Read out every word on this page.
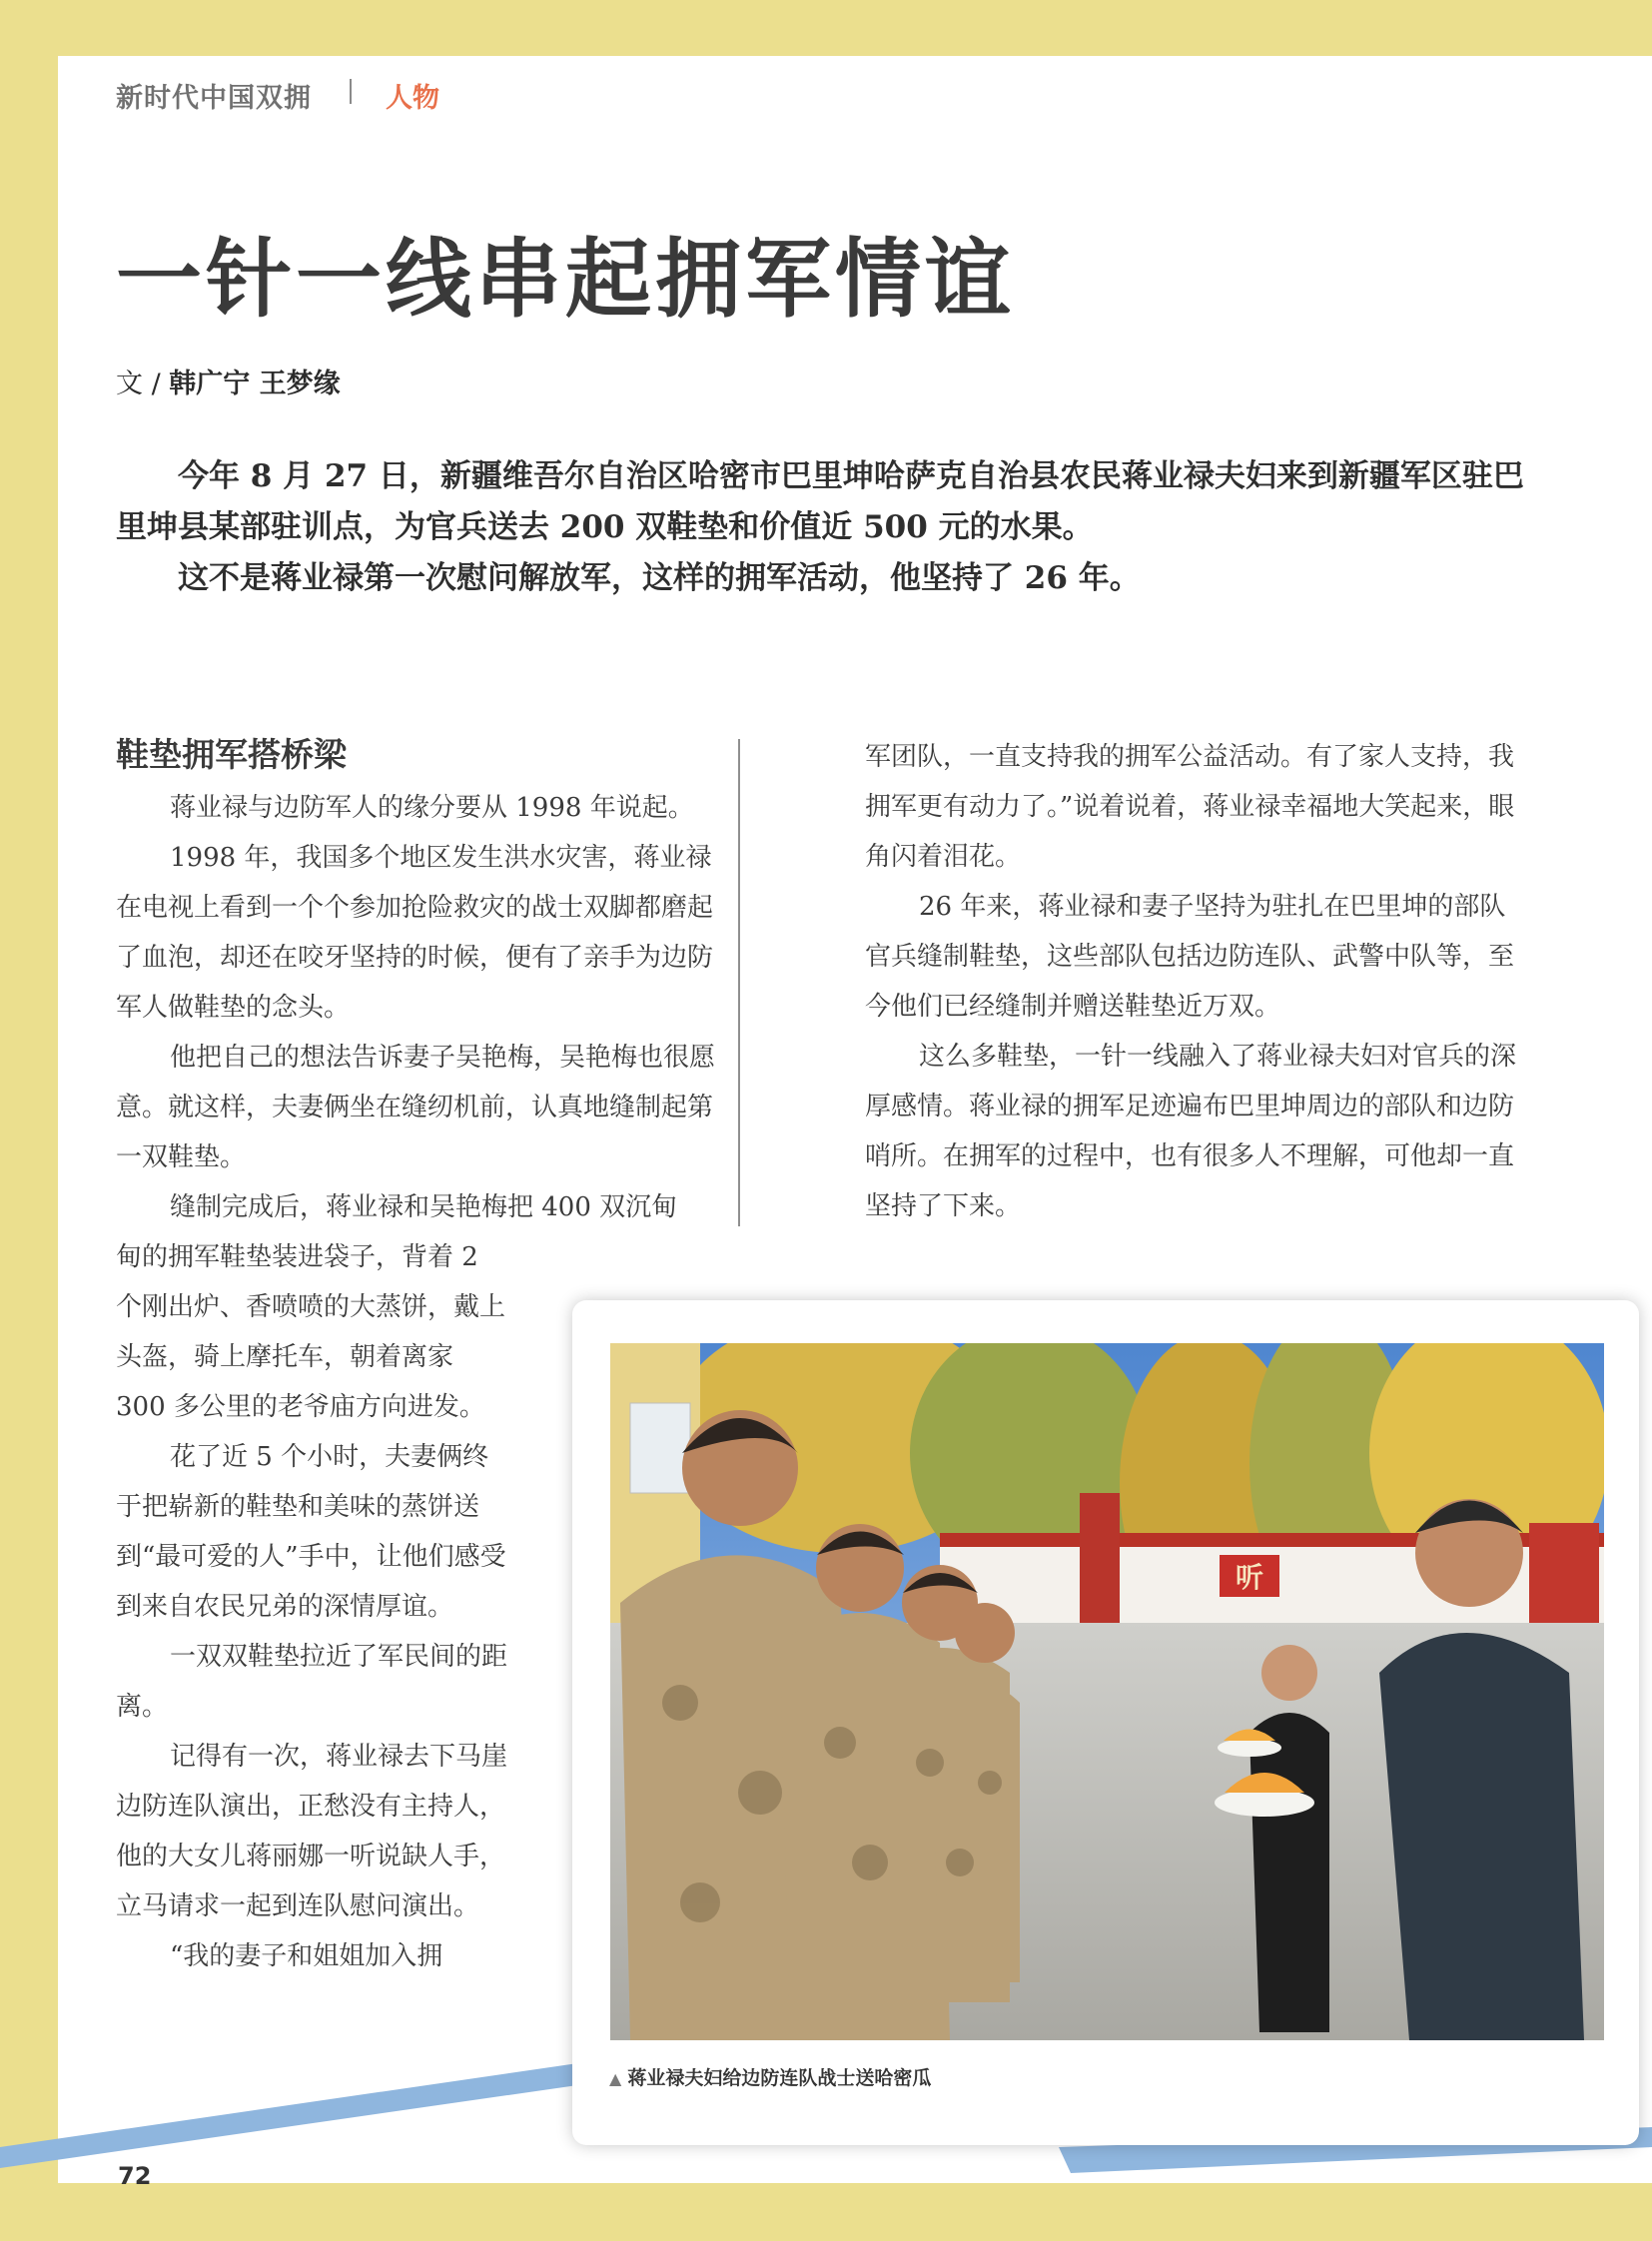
新时代中国双拥	人物
一针一线串起拥军情谊
文 / 韩广宁 王梦缘

今年 8 月 27 日，新疆维吾尔自治区哈密市巴里坤哈萨克自治县农民蒋业禄夫妇来到新疆军区驻巴里坤县某部驻训点，为官兵送去 200 双鞋垫和价值近 500 元的水果。

这不是蒋业禄第一次慰问解放军，这样的拥军活动，他坚持了 26 年。

鞋垫拥军搭桥梁

蒋业禄与边防军人的缘分要从 1998 年说起。

1998 年，我国多个地区发生洪水灾害，蒋业禄在电视上看到一个个参加抢险救灾的战士双脚都磨起了血泡，却还在咬牙坚持的时候，便有了亲手为边防军人做鞋垫的念头。

他把自己的想法告诉妻子吴艳梅，吴艳梅也很愿意。就这样，夫妻俩坐在缝纫机前，认真地缝制起第一双鞋垫。

缝制完成后，蒋业禄和吴艳梅把 400 双沉甸

甸的拥军鞋垫装进袋子，背着 2 个刚出炉、香喷喷的大蒸饼，戴上头盔，骑上摩托车，朝着离家 300 多公里的老爷庙方向进发。

花了近 5 个小时，夫妻俩终于把崭新的鞋垫和美味的蒸饼送到“最可爱的人”手中，让他们感受到来自农民兄弟的深情厚谊。

一双双鞋垫拉近了军民间的距离。

记得有一次，蒋业禄去下马崖边防连队演出，正愁没有主持人，他的大女儿蒋丽娜一听说缺人手，立马请求一起到连队慰问演出。

“我的妻子和姐姐加入拥

军团队，一直支持我的拥军公益活动。有了家人支持，我拥军更有动力了。”说着说着，蒋业禄幸福地大笑起来，眼角闪着泪花。

26 年来，蒋业禄和妻子坚持为驻扎在巴里坤的部队官兵缝制鞋垫，这些部队包括边防连队、武警中队等，至今他们已经缝制并赠送鞋垫近万双。

这么多鞋垫，一针一线融入了蒋业禄夫妇对官兵的深厚感情。蒋业禄的拥军足迹遍布巴里坤周边的部队和边防哨所。在拥军的过程中，也有很多人不理解，可他却一直坚持了下来。

听
▲ 蒋业禄夫妇给边防连队战士送哈密瓜
72
